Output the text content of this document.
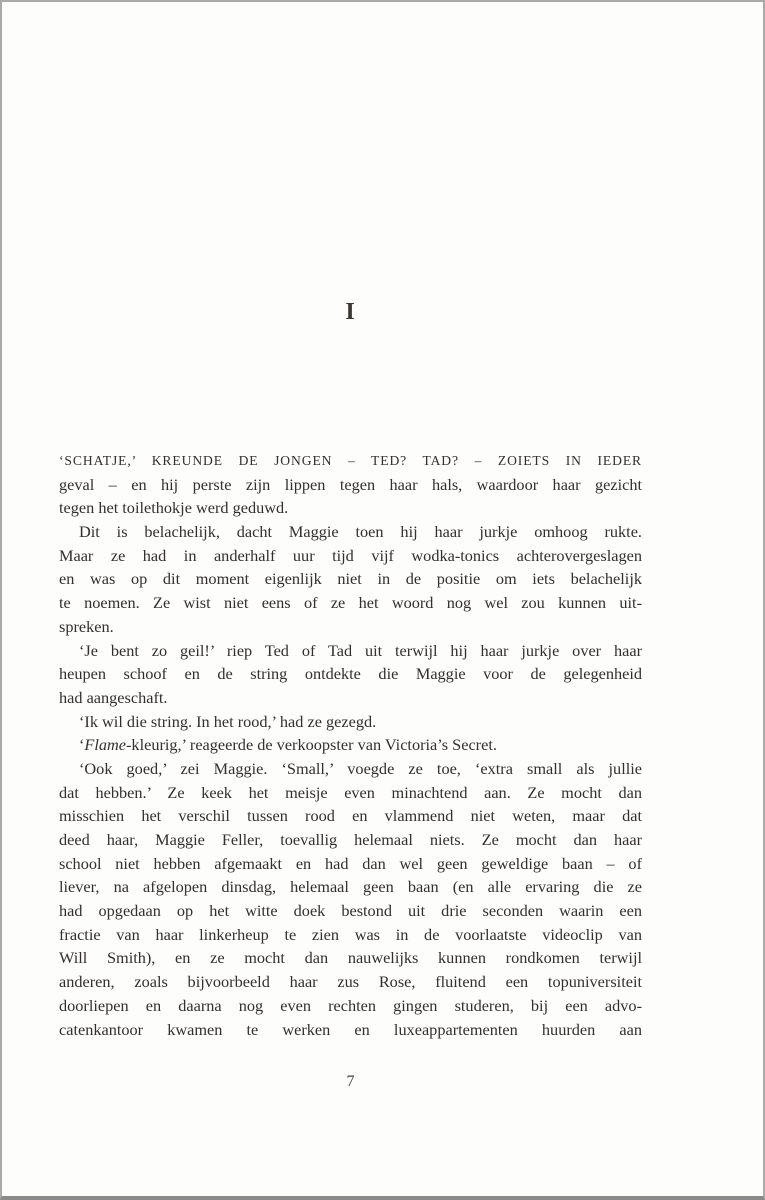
I
‘SCHATJE,’ KREUNDE DE JONGEN – TED? TAD? – ZOIETS IN IEDER
geval – en hij perste zijn lippen tegen haar hals, waardoor haar gezicht
tegen het toilethokje werd geduwd.
Dit is belachelijk, dacht Maggie toen hij haar jurkje omhoog rukte.
Maar ze had in anderhalf uur tijd vijf wodka-tonics achterovergeslagen
en was op dit moment eigenlijk niet in de positie om iets belachelijk
te noemen. Ze wist niet eens of ze het woord nog wel zou kunnen uit-
spreken.
‘Je bent zo geil!’ riep Ted of Tad uit terwijl hij haar jurkje over haar
heupen schoof en de string ontdekte die Maggie voor de gelegenheid
had aangeschaft.
‘Ik wil die string. In het rood,’ had ze gezegd.
‘Flame-kleurig,’ reageerde de verkoopster van Victoria’s Secret.
‘Ook goed,’ zei Maggie. ‘Small,’ voegde ze toe, ‘extra small als jullie
dat hebben.’ Ze keek het meisje even minachtend aan. Ze mocht dan
misschien het verschil tussen rood en vlammend niet weten, maar dat
deed haar, Maggie Feller, toevallig helemaal niets. Ze mocht dan haar
school niet hebben afgemaakt en had dan wel geen geweldige baan – of
liever, na afgelopen dinsdag, helemaal geen baan (en alle ervaring die ze
had opgedaan op het witte doek bestond uit drie seconden waarin een
fractie van haar linkerheup te zien was in de voorlaatste videoclip van
Will Smith), en ze mocht dan nauwelijks kunnen rondkomen terwijl
anderen, zoals bijvoorbeeld haar zus Rose, fluitend een topuniversiteit
doorliepen en daarna nog even rechten gingen studeren, bij een advo-
catenkantoor kwamen te werken en luxeappartementen huurden aan
7
